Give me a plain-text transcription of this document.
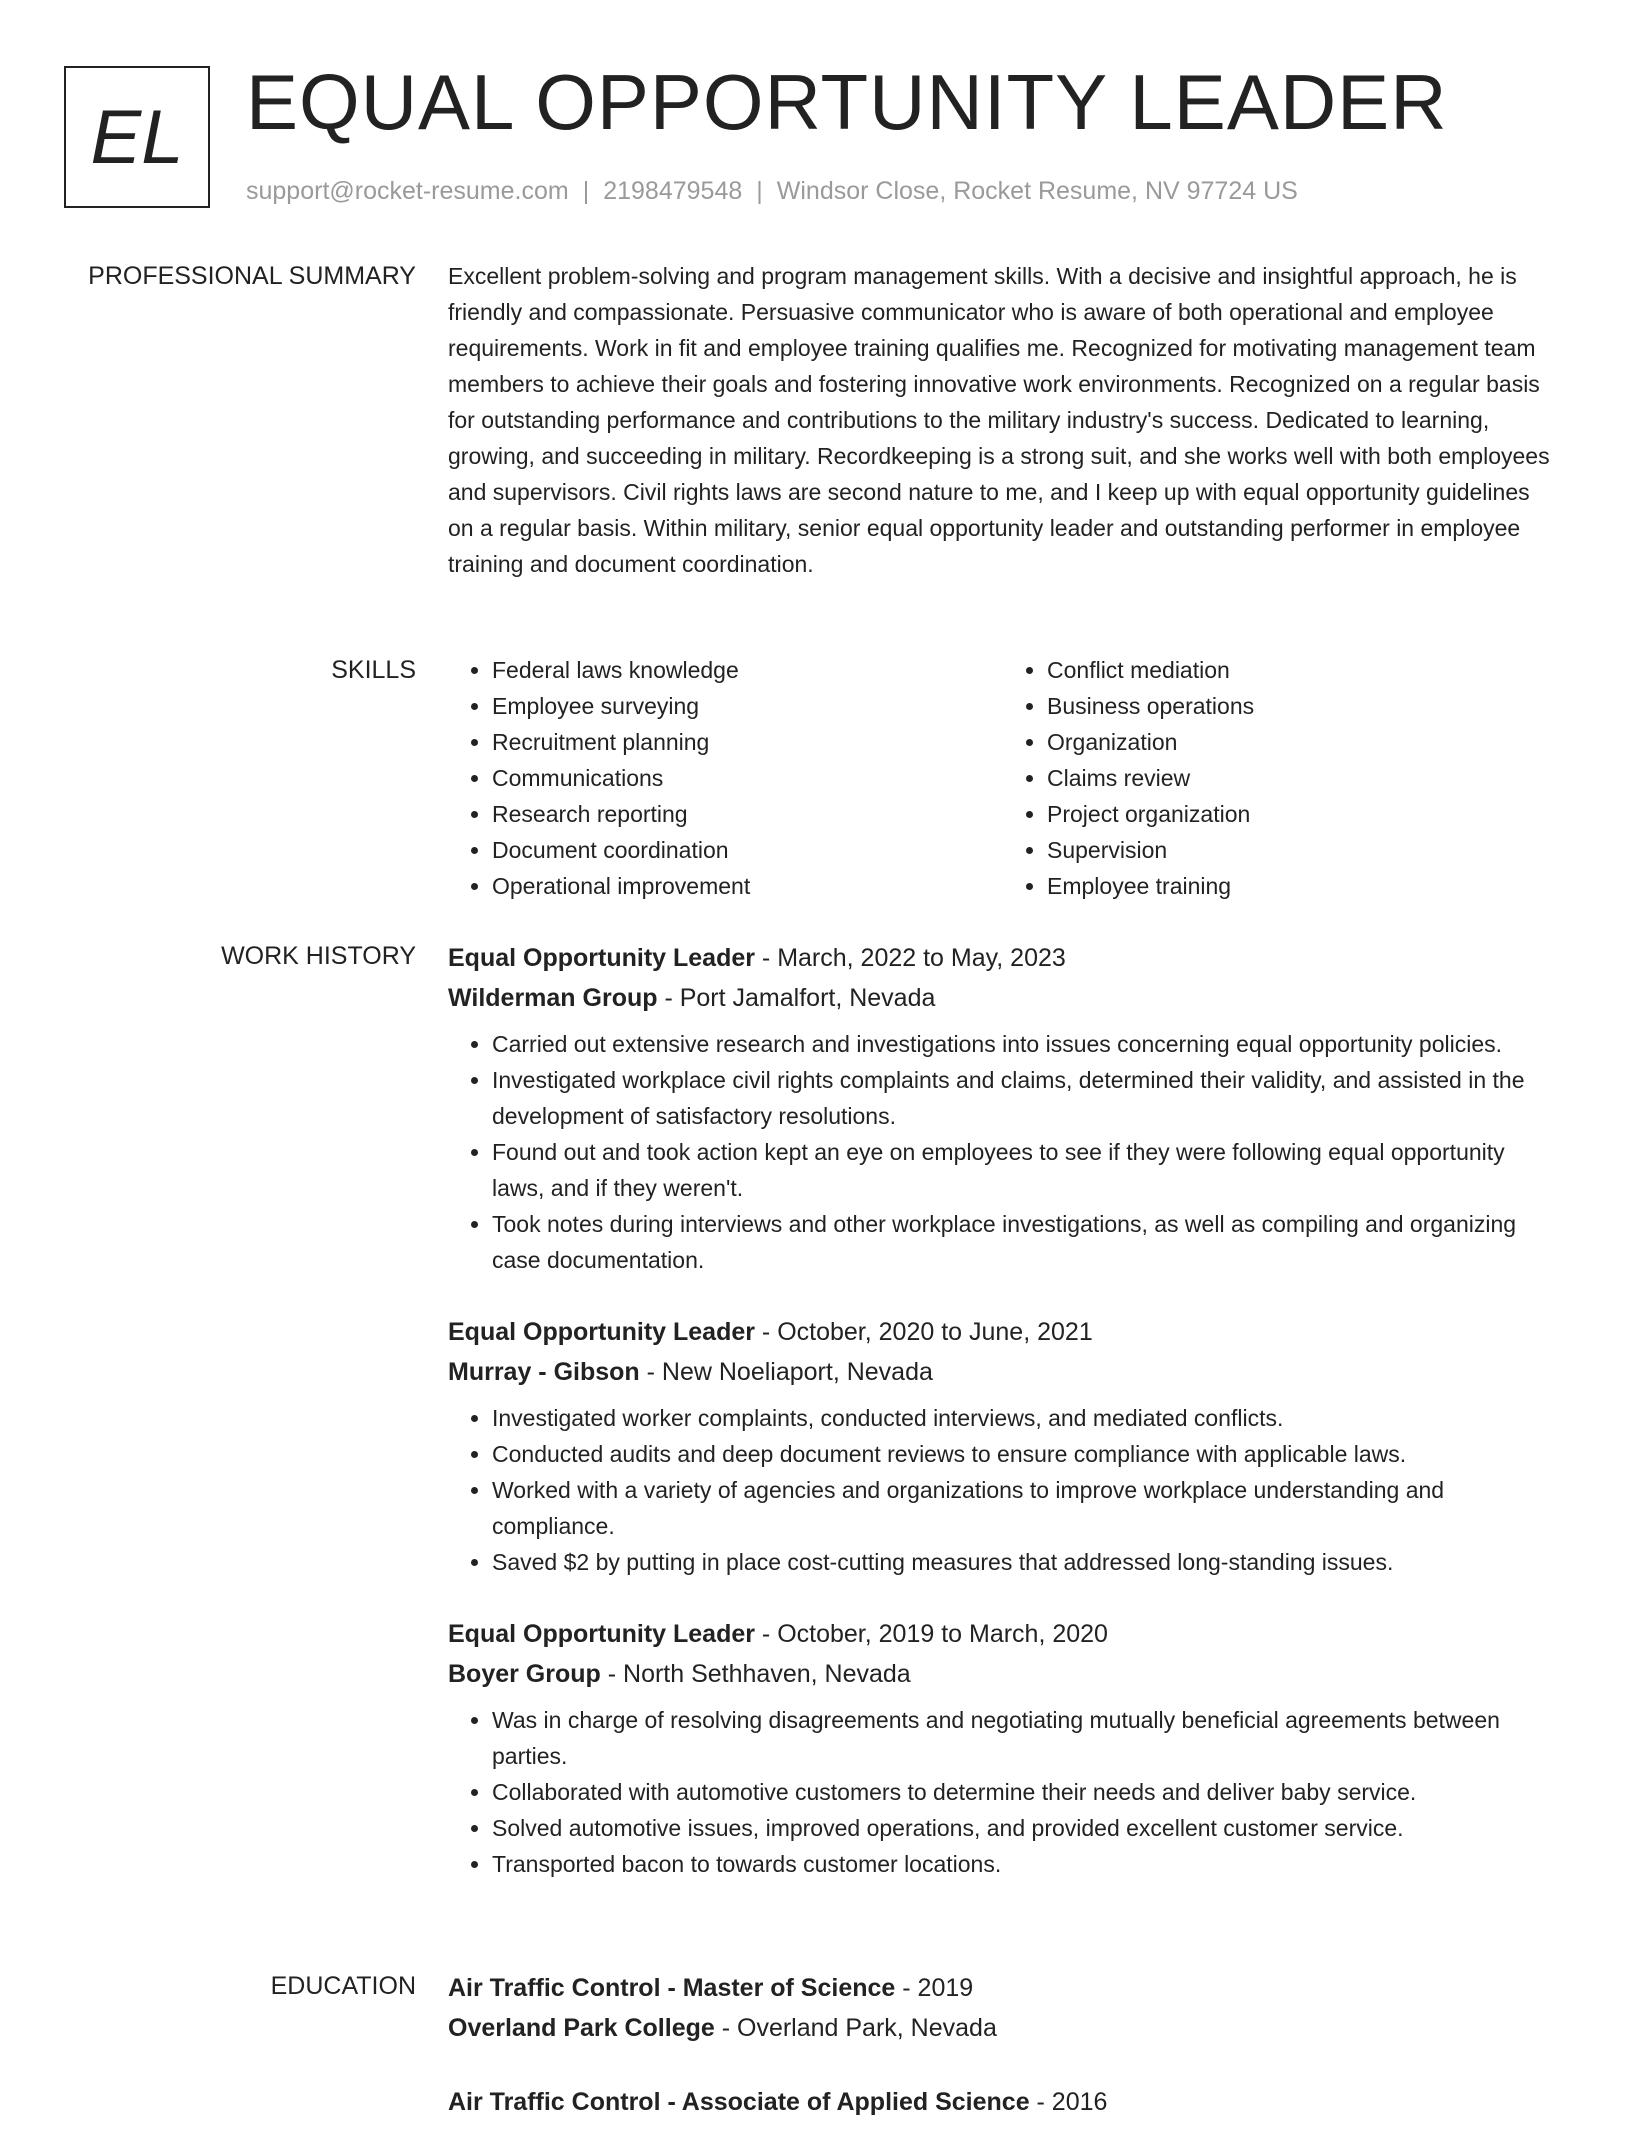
EL EQUAL OPPORTUNITY LEADER
support@rocket-resume.com | 2198479548 | Windsor Close, Rocket Resume, NV 97724 US
PROFESSIONAL SUMMARY Excellent problem-solving and program management skills. With a decisive and insightful approach, he is friendly and compassionate. Persuasive communicator who is aware of both operational and employee requirements. Work in fit and employee training qualifies me. Recognized for motivating management team members to achieve their goals and fostering innovative work environments. Recognized on a regular basis for outstanding performance and contributions to the military industry's success. Dedicated to learning, growing, and succeeding in military. Recordkeeping is a strong suit, and she works well with both employees and supervisors. Civil rights laws are second nature to me, and I keep up with equal opportunity guidelines on a regular basis. Within military, senior equal opportunity leader and outstanding performer in employee training and document coordination.

SKILLS
•	Federal laws knowledge
• Employee surveying
• Recruitment planning
• Communications
• Research reporting
• Document coordination
• Operational improvement
• Conflict mediation
• Business operations
• Organization
• Claims review
• Project organization
• Supervision
• Employee training
WORK HISTORY Equal Opportunity Leader - March, 2022 to May, 2023
Wilderman Group - Port Jamalfort, Nevada
• Carried out extensive research and investigations into issues concerning equal opportunity policies.
• Investigated workplace civil rights complaints and claims, determined their validity, and assisted in the development of satisfactory resolutions.
• Found out and took action kept an eye on employees to see if they were following equal opportunity laws, and if they weren't.
• Took notes during interviews and other workplace investigations, as well as compiling and organizing case documentation.
Equal Opportunity Leader - October, 2020 to June, 2021
Murray - Gibson - New Noeliaport, Nevada
• Investigated worker complaints, conducted interviews, and mediated conflicts.
• Conducted audits and deep document reviews to ensure compliance with applicable laws.
• Worked with a variety of agencies and organizations to improve workplace understanding and compliance.
• Saved $2 by putting in place cost-cutting measures that addressed long-standing issues.
Equal Opportunity Leader - October, 2019 to March, 2020
Boyer Group - North Sethhaven, Nevada
• Was in charge of resolving disagreements and negotiating mutually beneficial agreements between parties.
• Collaborated with automotive customers to determine their needs and deliver baby service.
• Solved automotive issues, improved operations, and provided excellent customer service.
• Transported bacon to towards customer locations.
EDUCATION Air Traffic Control - Master of Science - 2019
Overland Park College - Overland Park, Nevada
Air Traffic Control - Associate of Applied Science - 2016
